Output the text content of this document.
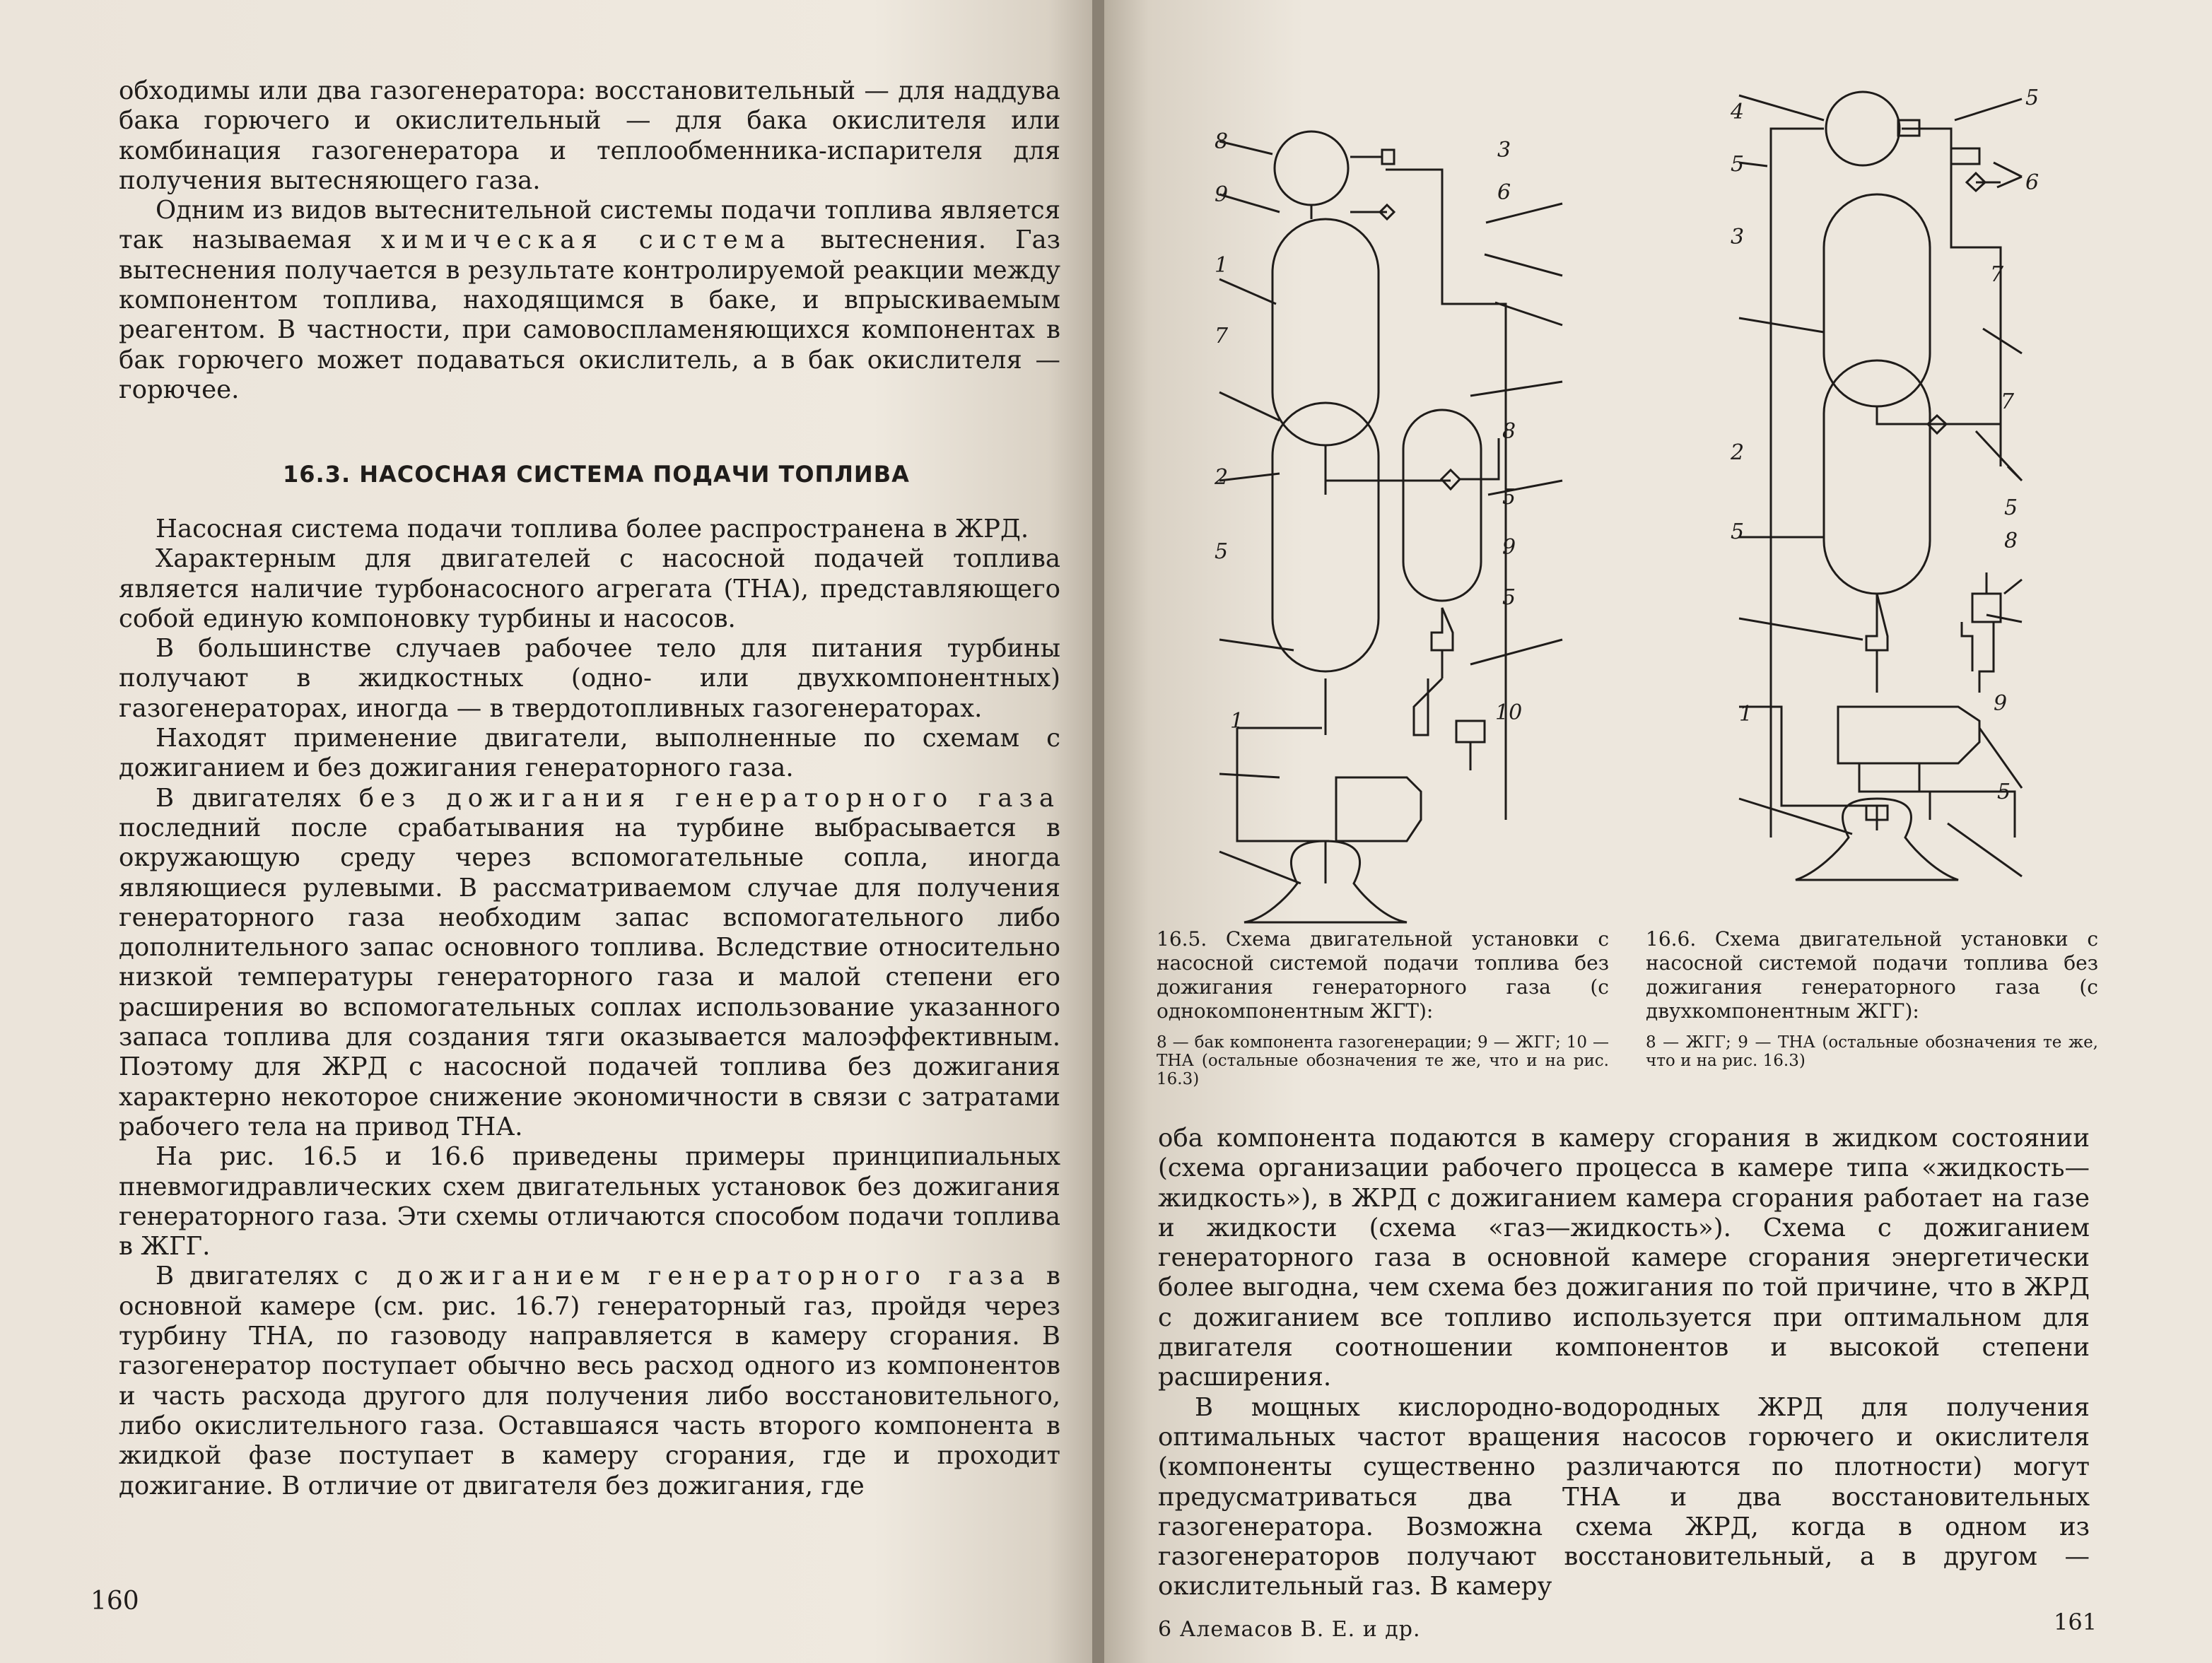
обходимы или два газогенератора: восстановительный — для наддува бака горючего и окислительный — для бака окислителя или комбинация газогенератора и теплообменника-испарителя для получения вытесняющего газа.

Одним из видов вытеснительной системы подачи топлива является так называемая химическая система вытеснения. Газ вытеснения получается в результате контролируемой реакции между компонентом топлива, находящимся в баке, и впрыскиваемым реагентом. В частности, при самовоспламеняющихся компонентах в бак горючего может подаваться окислитель, а в бак окислителя — горючее.

16.3. НАСОСНАЯ СИСТЕМА ПОДАЧИ ТОПЛИВА

Насосная система подачи топлива более распространена в ЖРД.

Характерным для двигателей с насосной подачей топлива является наличие турбонасосного агрегата (ТНА), представляющего собой единую компоновку турбины и насосов.

В большинстве случаев рабочее тело для питания турбины получают в жидкостных (одно- или двухкомпонентных) газогенераторах, иногда — в твердотопливных газогенераторах.

Находят применение двигатели, выполненные по схемам с дожиганием и без дожигания генераторного газа.

В двигателях без дожигания генераторного газа последний после срабатывания на турбине выбрасывается в окружающую среду через вспомогательные сопла, иногда являющиеся рулевыми. В рассматриваемом случае для получения генераторного газа необходим запас вспомогательного либо дополнительного запас основного топлива. Вследствие относительно низкой температуры генераторного газа и малой степени его расширения во вспомогательных соплах использование указанного запаса топлива для создания тяги оказывается малоэффективным. Поэтому для ЖРД с насосной подачей топлива без дожигания характерно некоторое снижение экономичности в связи с затратами рабочего тела на привод ТНА.

На рис. 16.5 и 16.6 приведены примеры принципиальных пневмогидравлических схем двигательных установок без дожигания генераторного газа. Эти схемы отличаются способом подачи топлива в ЖГГ.

В двигателях с дожиганием генераторного газа в основной камере (см. рис. 16.7) генераторный газ, пройдя через турбину ТНА, по газоводу направляется в камеру сгорания. В газогенератор поступает обычно весь расход одного из компонентов и часть расхода другого для получения либо восстановительного, либо окислительного газа. Оставшаяся часть второго компонента в жидкой фазе поступает в камеру сгорания, где и проходит дожигание. В отличие от двигателя без дожигания, где

160
8
9
3
6
1
7
8
2
5
9
5
5
10
1
4
5
5
6
3
7
7
2
5
5	8
9
1
5
16.5. Схема двигательной установки с насосной системой подачи топлива без дожигания генераторного газа (с однокомпонентным ЖГТ):
8 — бак компонента газогенерации; 9 — ЖГГ; 10 — ТНА (остальные обозначения те же, что и на рис. 16.3)
16.6. Схема двигательной установки с насосной системой подачи топлива без дожигания генераторного газа (с двухкомпонентным ЖГГ):
8 — ЖГГ; 9 — ТНА (остальные обозначения те же, что и на рис. 16.3)

оба компонента подаются в камеру сгорания в жидком состоянии (схема организации рабочего процесса в камере типа «жидкость—жидкость»), в ЖРД с дожиганием камера сгорания работает на газе и жидкости (схема «газ—жидкость»). Схема с дожиганием генераторного газа в основной камере сгорания энергетически более выгодна, чем схема без дожигания по той причине, что в ЖРД с дожиганием все топливо используется при оптимальном для двигателя соотношении компонентов и высокой степени расширения.

В мощных кислородно-водородных ЖРД для получения оптимальных частот вращения насосов горючего и окислителя (компоненты существенно различаются по плотности) могут предусматриваться два ТНА и два восстановительных газогенератора. Возможна схема ЖРД, когда в одном из газогенераторов получают восстановительный, а в другом — окислительный газ. В камеру

6 Алемасов В. Е. и др.	161
